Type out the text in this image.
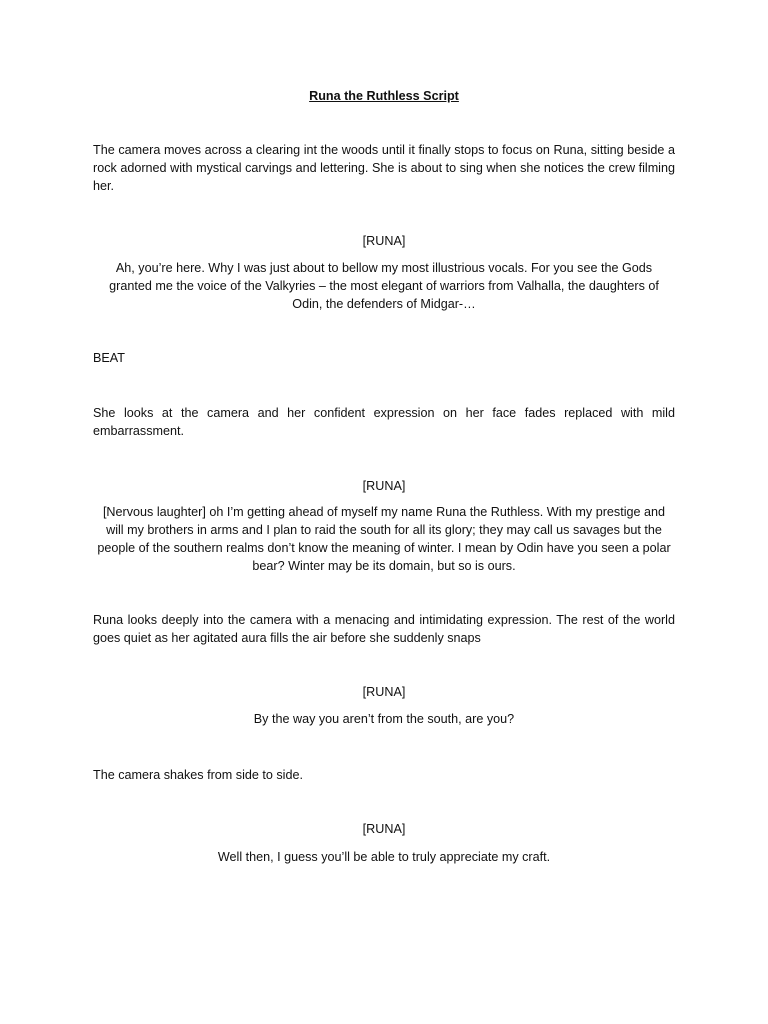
Runa the Ruthless Script

The camera moves across a clearing int the woods until it finally stops to focus on Runa, sitting beside a rock adorned with mystical carvings and lettering. She is about to sing when she notices the crew filming her.

[RUNA]

Ah, you’re here. Why I was just about to bellow my most illustrious vocals. For you see the Gods granted me the voice of the Valkyries – the most elegant of warriors from Valhalla, the daughters of Odin, the defenders of Midgar-…

BEAT

She looks at the camera and her confident expression on her face fades replaced with mild embarrassment.

[RUNA]

[Nervous laughter] oh I’m getting ahead of myself my name Runa the Ruthless. With my prestige and will my brothers in arms and I plan to raid the south for all its glory; they may call us savages but the people of the southern realms don’t know the meaning of winter. I mean by Odin have you seen a polar bear? Winter may be its domain, but so is ours.

Runa looks deeply into the camera with a menacing and intimidating expression. The rest of the world goes quiet as her agitated aura fills the air before she suddenly snaps

[RUNA]

By the way you aren’t from the south, are you?

The camera shakes from side to side.

[RUNA]

Well then, I guess you’ll be able to truly appreciate my craft.
